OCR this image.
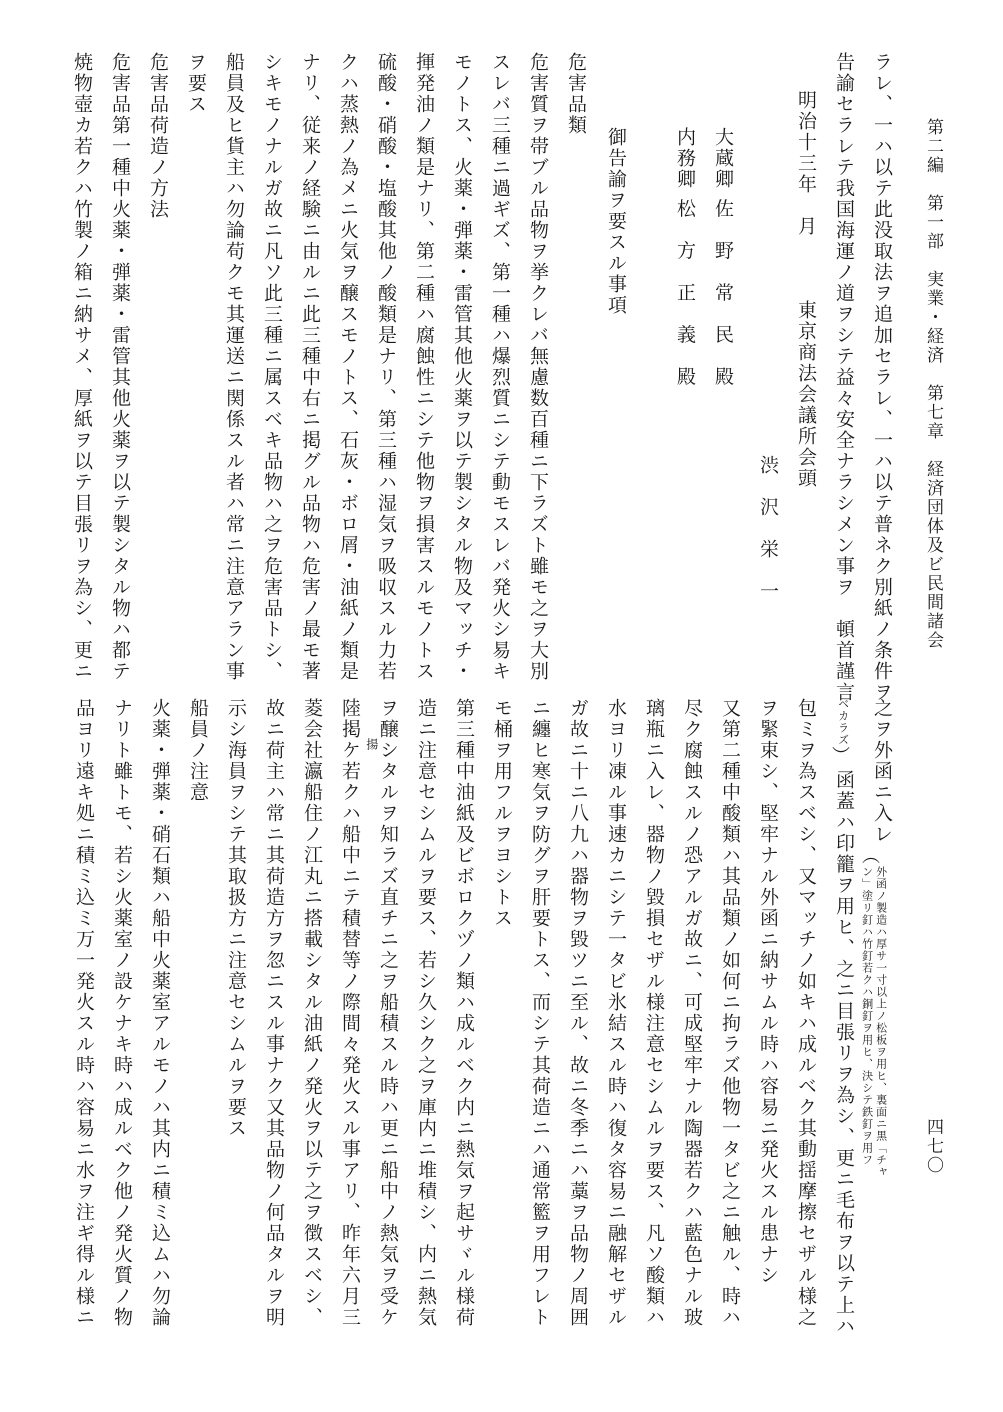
第二編　第一部　実業・経済　第七章　経済団体及ビ民間諸会
四七〇
ラレ、一ハ以テ此没取法ヲ追加セラレ、一ハ以テ普ネク別紙ノ条件ヲ
告諭セラレテ我国海運ノ道ヲシテ益々安全ナラシメン事ヲ　頓首謹言
明治十三年　月　　　東京商法会議所会頭
渋　沢　栄　一
大蔵卿 佐　野　常　民　殿
内務卿 松　方　正　義　殿
御告諭ヲ要スル事項
危害品類
危害質ヲ帯ブル品物ヲ挙クレバ無慮数百種ニ下ラズト雖モ之ヲ大別
スレバ三種ニ過ギズ、第一種ハ爆烈質ニシテ動モスレバ発火シ易キ
モノトス、火薬・弾薬・雷管其他火薬ヲ以テ製シタル物及マッチ・
揮発油ノ類是ナリ、第二種ハ腐蝕性ニシテ他物ヲ損害スルモノトス
硫酸・硝酸・塩酸其他ノ酸類是ナリ、第三種ハ湿気ヲ吸収スル力若
クハ蒸熱ノ為メニ火気ヲ醸スモノトス、石灰・ボロ屑・油紙ノ類是
ナリ、従来ノ経験ニ由ルニ此三種中右ニ掲グル品物ハ危害ノ最モ著
シキモノナルガ故ニ凡ソ此三種ニ属スベキ品物ハ之ヲ危害品トシ、
船員及ヒ貨主ハ勿論苟クモ其運送ニ関係スル者ハ常ニ注意アラン事
ヲ要ス
危害品荷造ノ方法
危害品第一種中火薬・弾薬・雷管其他火薬ヲ以テ製シタル物ハ都テ
焼物壺カ若クハ竹製ノ箱ニ納サメ、厚紙ヲ以テ目張リヲ為シ、更ニ
之ヲ外函ニ入レ
︵
外函ノ製造ハ厚サ一寸以上ノ松板ヲ用ヒ、裏面ニ黒「チャ
ン」塗リ釘ハ竹釘若クハ銅釘ヲ用ヒ、決シテ鉄釘ヲ用フ
ベカラズ
︶
函蓋ハ印籠ヲ用ヒ、之ニ目張リヲ為シ、更ニ毛布ヲ以テ上ハ
包ミヲ為スベシ、又マッチノ如キハ成ルベク其動揺摩擦セザル様之
ヲ緊束シ、堅牢ナル外函ニ納サムル時ハ容易ニ発火スル患ナシ
又第二種中酸類ハ其品類ノ如何ニ拘ラズ他物一タビ之ニ触ル、時ハ
尽ク腐蝕スルノ恐アルガ故ニ、可成堅牢ナル陶器若クハ藍色ナル玻
璃瓶ニ入レ、器物ノ毀損セザル様注意セシムルヲ要ス、凡ソ酸類ハ
水ヨリ凍ル事速カニシテ一タビ氷結スル時ハ復タ容易ニ融解セザル
ガ故ニ十ニ八九ハ器物ヲ毀ツニ至ル、故ニ冬季ニハ藁ヲ品物ノ周囲
ニ纏ヒ寒気ヲ防グヲ肝要トス、而シテ其荷造ニハ通常籃ヲ用フレト
モ桶ヲ用フルヲヨシトス
第三種中油紙及ビボロクヅノ類ハ成ルベク内ニ熱気ヲ起サヾル様荷
造ニ注意セシムルヲ要ス、若シ久シク之ヲ庫内ニ堆積シ、内ニ熱気
ヲ醸シタルヲ知ラズ直チニ之ヲ船積スル時ハ更ニ船中ノ熱気ヲ受ケ
揚
陸掲ケ若クハ船中ニテ積替等ノ際間々発火スル事アリ、昨年六月三
菱会社瀛船住ノ江丸ニ搭載シタル油紙ノ発火ヲ以テ之ヲ徴スベシ、
故ニ荷主ハ常ニ其荷造方ヲ忽ニスル事ナク又其品物ノ何品タルヲ明
示シ海員ヲシテ其取扱方ニ注意セシムルヲ要ス
船員ノ注意
火薬・弾薬・硝石類ハ船中火薬室アルモノハ其内ニ積ミ込ムハ勿論
ナリト雖トモ、若シ火薬室ノ設ケナキ時ハ成ルベク他ノ発火質ノ物
品ヨリ遠キ処ニ積ミ込ミ万一発火スル時ハ容易ニ水ヲ注ギ得ル様ニ
